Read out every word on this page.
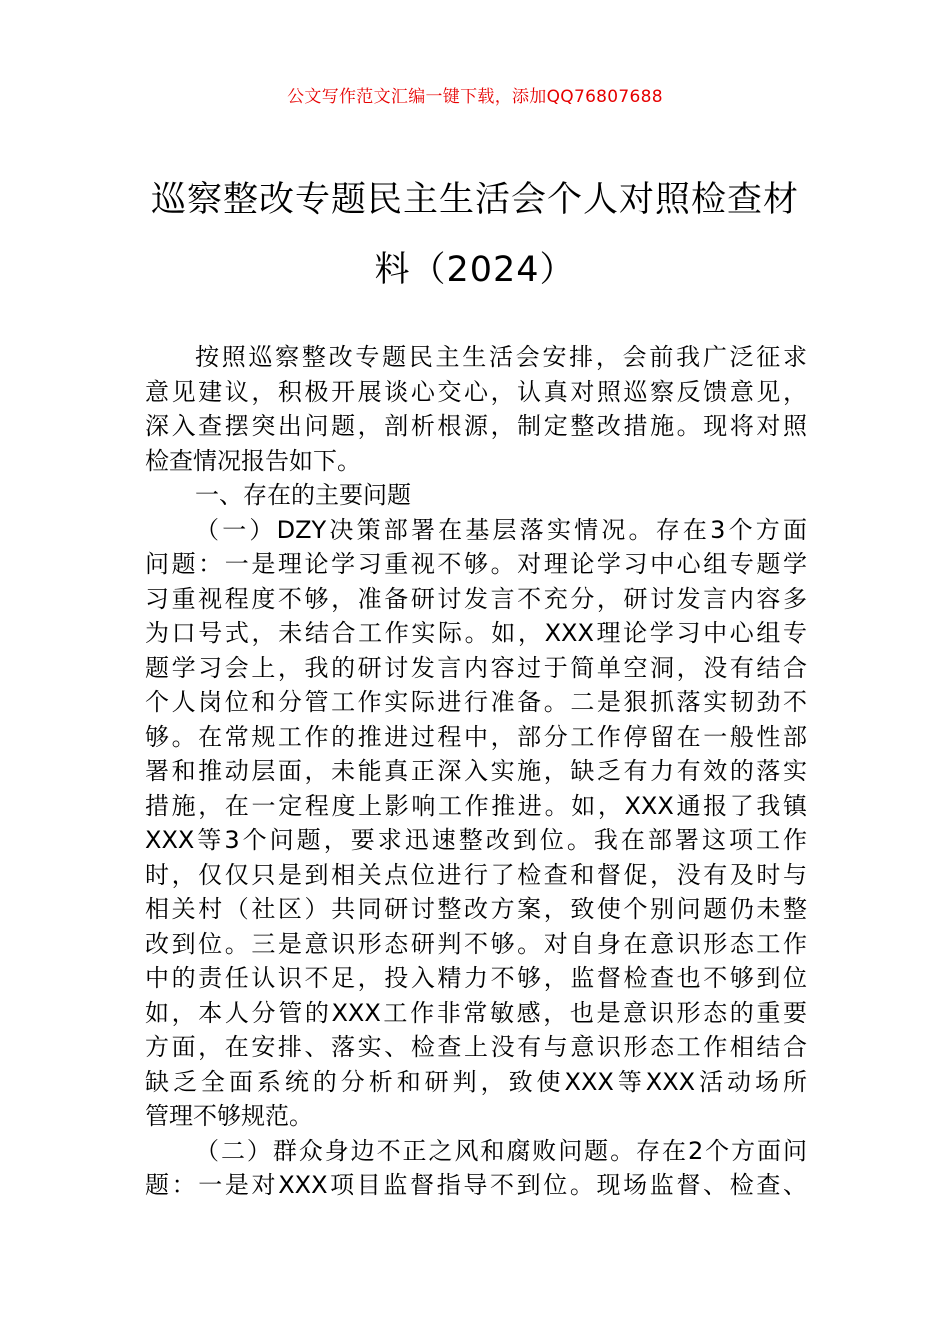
公文写作范文汇编一键下载，添加QQ76807688
巡察整改专题民主生活会个人对照检查材
料（2024）
按照巡察整改专题民主生活会安排，会前我广泛征求
意见建议，积极开展谈心交心，认真对照巡察反馈意见，
深入查摆突出问题，剖析根源，制定整改措施。现将对照
检查情况报告如下。
一、存在的主要问题
（一）DZY决策部署在基层落实情况。存在3个方面
问题：一是理论学习重视不够。对理论学习中心组专题学
习重视程度不够，准备研讨发言不充分，研讨发言内容多
为口号式，未结合工作实际。如，XXX理论学习中心组专
题学习会上，我的研讨发言内容过于简单空洞，没有结合
个人岗位和分管工作实际进行准备。二是狠抓落实韧劲不
够。在常规工作的推进过程中，部分工作停留在一般性部
署和推动层面，未能真正深入实施，缺乏有力有效的落实
措施，在一定程度上影响工作推进。如，XXX通报了我镇
XXX等3个问题，要求迅速整改到位。我在部署这项工作
时，仅仅只是到相关点位进行了检查和督促，没有及时与
相关村（社区）共同研讨整改方案，致使个别问题仍未整
改到位。三是意识形态研判不够。对自身在意识形态工作
中的责任认识不足，投入精力不够，监督检查也不够到位
如，本人分管的XXX工作非常敏感，也是意识形态的重要
方面，在安排、落实、检查上没有与意识形态工作相结合
缺乏全面系统的分析和研判，致使XXX等XXX活动场所
管理不够规范。
（二）群众身边不正之风和腐败问题。存在2个方面问
题：一是对XXX项目监督指导不到位。现场监督、检查、
